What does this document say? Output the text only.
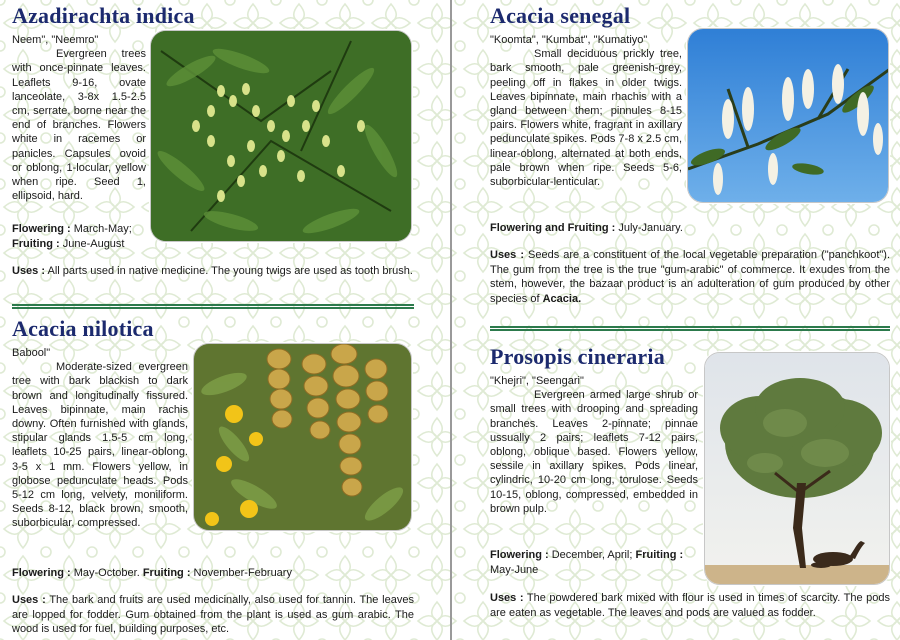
Azadirachta indica
Neem", "Neemro"
Evergreen trees with once-pinnate leaves. Leaflets 9-16, ovate lanceolate, 3-8x 1.5-2.5 cm, serrate, borne near the end of branches. Flowers white in racemes or panicles. Capsules ovoid or oblong, 1-locular, yellow when ripe. Seed 1, ellipsoid, hard.
Flowering : March-May;
Fruiting : June-August
Uses : All parts used in native medicine. The young twigs are used as tooth brush.
Acacia nilotica
Babool"
Moderate-sized evergreen tree with bark blackish to dark brown and longitudinally fissured. Leaves bipinnate, main rachis downy. Often furnished with glands, stipular glands 1.5-5 cm long, leaflets 10-25 pairs, linear-oblong. 3-5 x 1 mm. Flowers yellow, in globose pedunculate heads. Pods 5-12 cm long, velvety, moniliform. Seeds 8-12, black brown, smooth, suborbicular, compressed.
Flowering : May-October. Fruiting : November-February
Uses : The bark and fruits are used medicinally, also used for tannin. The leaves are lopped for fodder. Gum obtained from the plant is used as gum arabic. The wood is used for fuel, building purposes, etc.
Acacia senegal
"Koomta", "Kumbat", "Kumatiyo"
Small deciduous prickly tree, bark smooth, pale greenish-grey, peeling off in flakes in older twigs. Leaves bipinnate, main rhachis with a gland between them; pinnules 8-15 pairs. Flowers white, fragrant in axillary pedunculate spikes. Pods 7-8 x 2.5 cm, linear-oblong, alternated at both ends, pale brown when ripe. Seeds 5-6, suborbicular-lenticular.
Flowering and Fruiting : July-January.
Uses : Seeds are a constituent of the local vegetable preparation ("panchkoot"). The gum from the tree is the true "gum-arabic" of commerce. It exudes from the stem, however, the bazaar product is an adulteration of gum produced by other species of Acacia.
Prosopis cineraria
"Khejri", "Seengari"
Evergreen armed large shrub or small trees with drooping and spreading branches. Leaves 2-pinnate; pinnae ussually 2 pairs; leaflets 7-12 pairs, oblong, oblique based. Flowers yellow, sessile in axillary spikes. Pods linear, cylindric, 10-20 cm long, torulose. Seeds 10-15, oblong, compressed, embedded in brown pulp.
Flowering : December, April; Fruiting : May-June
Uses : The powdered bark mixed with flour is used in times of scarcity. The pods are eaten as vegetable. The leaves and pods are valued as fodder.
